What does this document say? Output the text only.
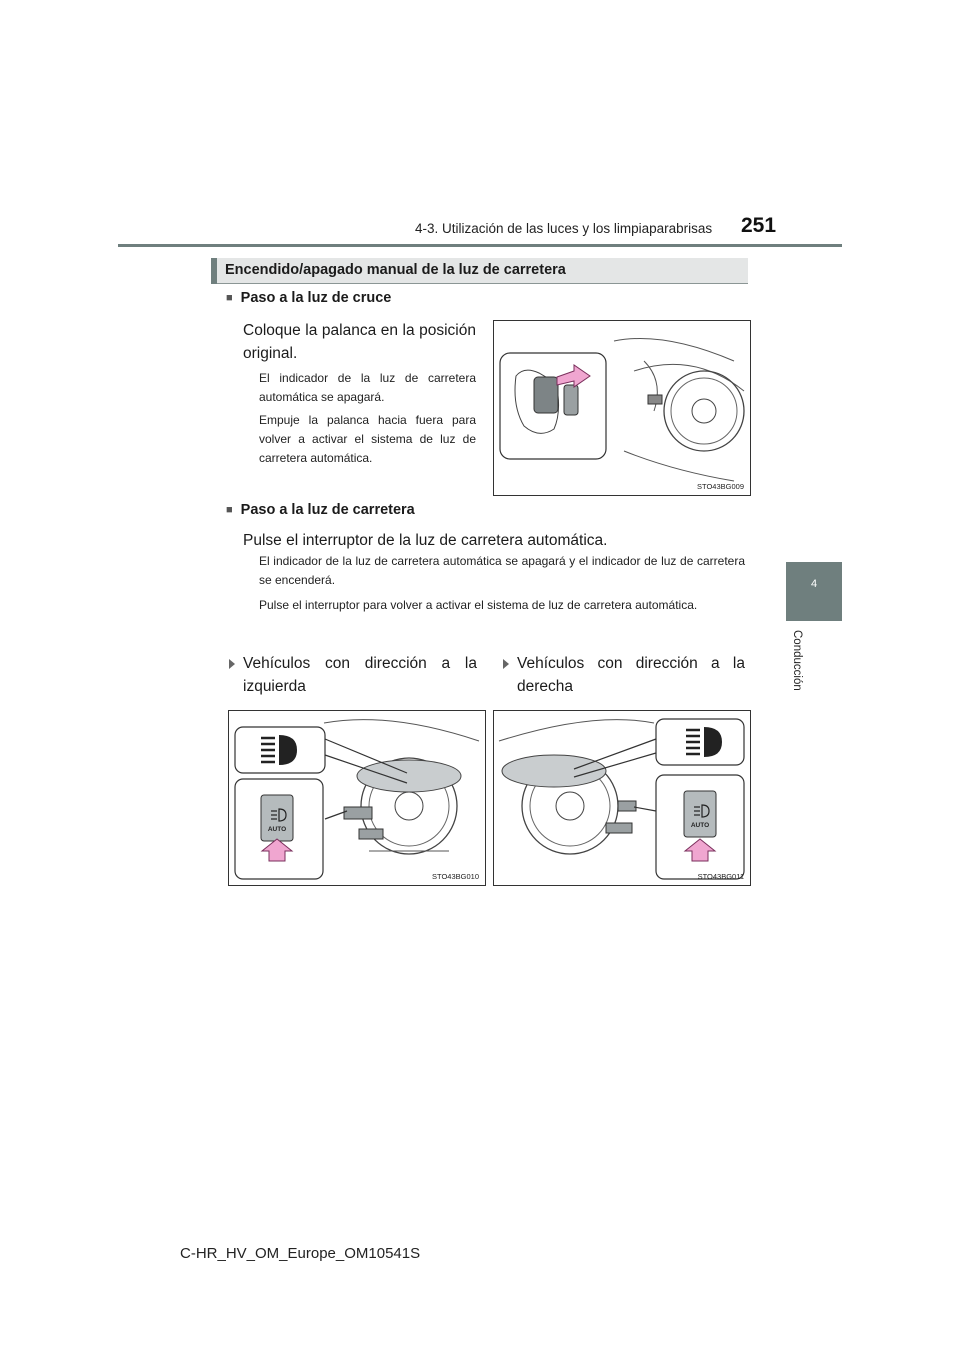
4-3. Utilización de las luces y los limpiaparabrisas 251
4
Conducción
Encendido/apagado manual de la luz de carretera
■ Paso a la luz de cruce
Coloque la palanca en la posición original.
El indicador de la luz de carretera automática se apagará.
Empuje la palanca hacia fuera para volver a activar el sistema de luz de carretera automática.
STO43BG009
■ Paso a la luz de carretera
Pulse el interruptor de la luz de carretera automática.
El indicador de la luz de carretera automática se apagará y el indicador de luz de carretera se encenderá.
Pulse el interruptor para volver a activar el sistema de luz de carretera automática.
Vehículos con dirección a la izquierda
Vehículos con dirección a la derecha
AUTO
STO43BG010
AUTO
STO43BG011
C-HR_HV_OM_Europe_OM10541S
